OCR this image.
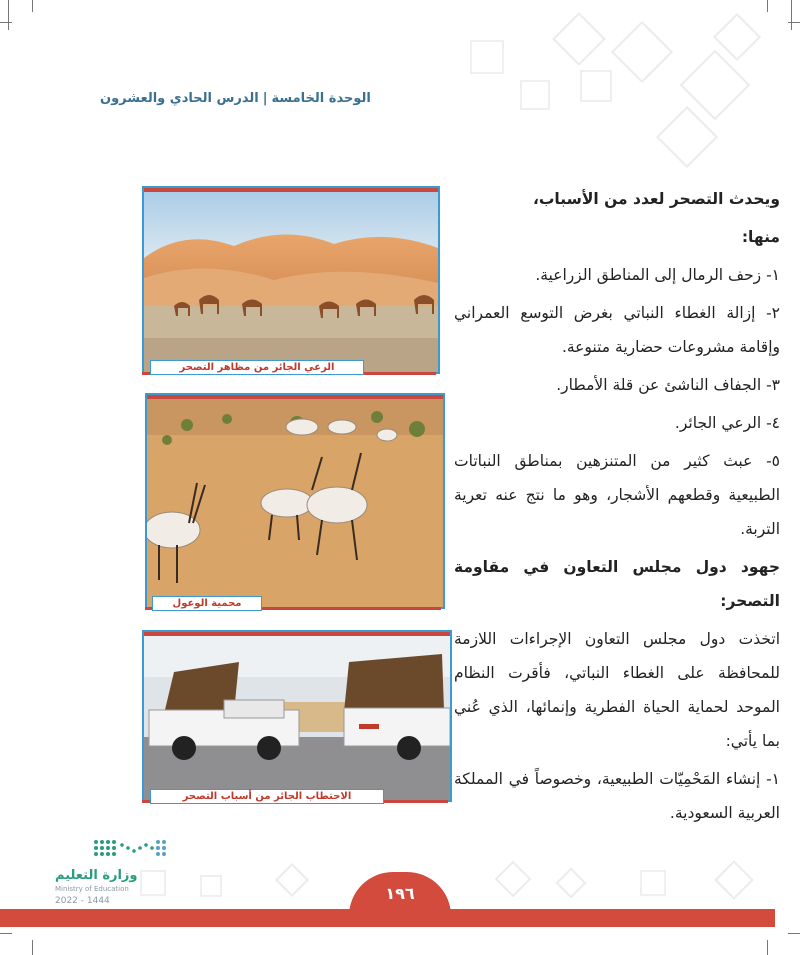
الوحدة الخامسة|الدرس الحادي والعشرون

ويحدث التصحر لعدد من الأسباب،

منها:

١- زحف الرمال إلى المناطق الزراعية.

٢- إزالة الغطاء النباتي بغرض التوسع العمراني وإقامة مشروعات حضارية متنوعة.

٣- الجفاف الناشئ عن قلة الأمطار.

٤- الرعي الجائر.

٥- عبث كثير من المتنزهين بمناطق النباتات الطبيعية وقطعهم الأشجار، وهو ما نتج عنه تعرية التربة.

جهود دول مجلس التعاون في مقاومة التصحر:

اتخذت دول مجلس التعاون الإجراءات اللازمة للمحافظة على الغطاء النباتي، فأقرت النظام الموحد لحماية الحياة الفطرية وإنمائها، الذي عُني بما يأتي:

١- إنشاء المَحْمِيّات الطبيعية، وخصوصاً في المملكة العربية السعودية.

الرعي الجائر من مظاهر التصحر
محمية الوعول
الاحتطاب الجائر من أسباب التصحر
١٩٦
وزارة التعليم
Ministry of Education
2022 - 1444
